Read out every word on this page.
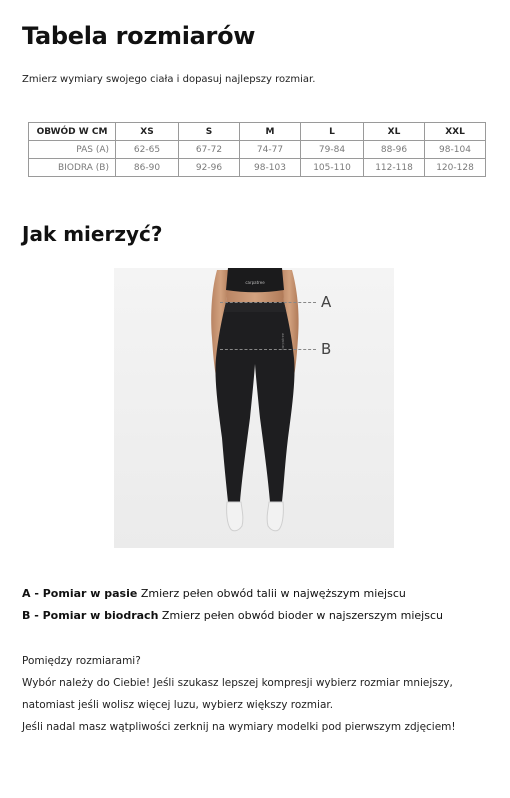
Tabela rozmiarów
Zmierz wymiary swojego ciała i dopasuj najlepszy rozmiar.
OBWÓD W CM	XS	S	M	L	XL	XXL
PAS (A)	62-65	67-72	74-77	79-84	88-96	98-104
BIODRA (B)	86-90	92-96	98-103	105-110	112-118	120-128
Jak mierzyć?
carpatree
carpatree
A
B
A - Pomiar w pasie Zmierz pełen obwód talii w najwęższym miejscu
B - Pomiar w biodrach Zmierz pełen obwód bioder w najszerszym miejscu
Pomiędzy rozmiarami?
Wybór należy do Ciebie! Jeśli szukasz lepszej kompresji wybierz rozmiar mniejszy,
natomiast jeśli wolisz więcej luzu, wybierz większy rozmiar.
Jeśli nadal masz wątpliwości zerknij na wymiary modelki pod pierwszym zdjęciem!
